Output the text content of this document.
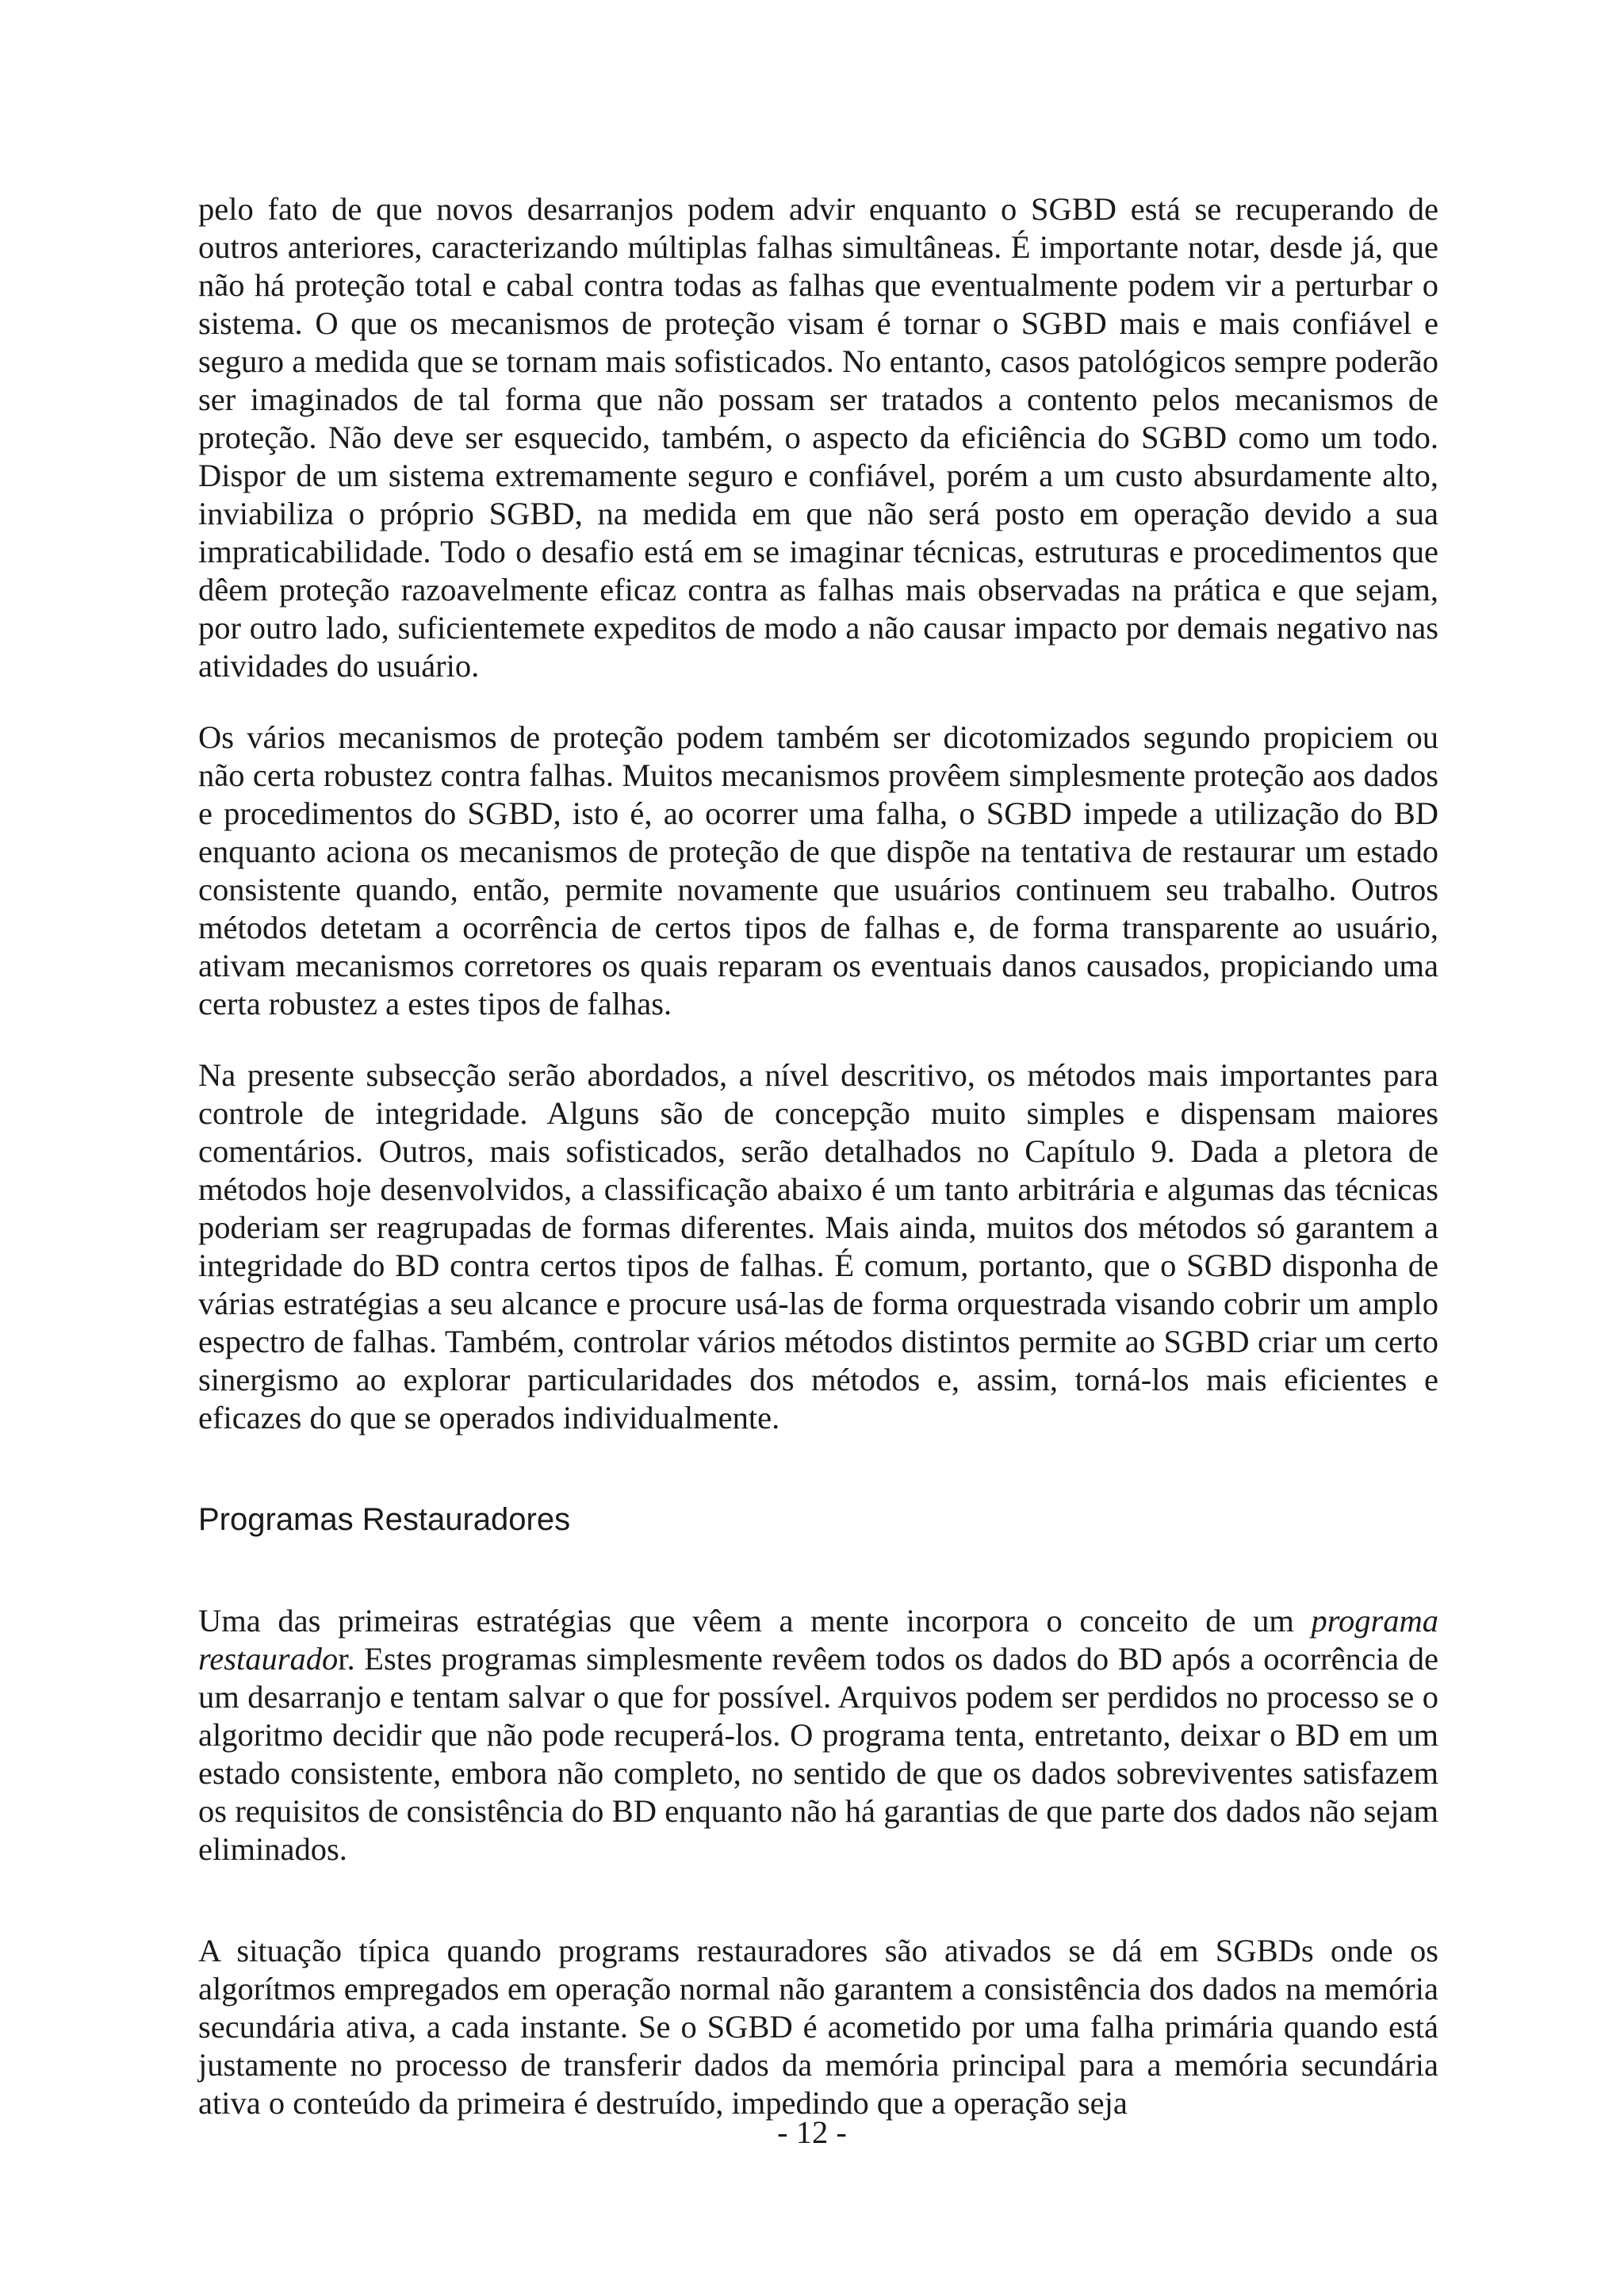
pelo fato de que novos desarranjos podem advir enquanto o SGBD está se recuperando de outros anteriores, caracterizando múltiplas falhas simultâneas. É importante notar, desde já, que não há proteção total e cabal contra todas as falhas que eventualmente podem vir a perturbar o sistema. O que os mecanismos de proteção visam é tornar o SGBD mais e mais confiável e seguro a medida que se tornam mais sofisticados. No entanto, casos patológicos sempre poderão ser imaginados de tal forma que não possam ser tratados a contento pelos mecanismos de proteção. Não deve ser esquecido, também, o aspecto da eficiência do SGBD como um todo. Dispor de um sistema extremamente seguro e confiável, porém a um custo absurdamente alto, inviabiliza o próprio SGBD, na medida em que não será posto em operação devido a sua impraticabilidade. Todo o desafio está em se imaginar técnicas, estruturas e procedimentos que dêem proteção razoavelmente eficaz contra as falhas mais observadas na prática e que sejam, por outro lado, suficientemete expeditos de modo a não causar impacto por demais negativo nas atividades do usuário.

Os vários mecanismos de proteção podem também ser dicotomizados segundo propiciem ou não certa robustez contra falhas. Muitos mecanismos provêem simplesmente proteção aos dados e procedimentos do SGBD, isto é, ao ocorrer uma falha, o SGBD impede a utilização do BD enquanto aciona os mecanismos de proteção de que dispõe na tentativa de restaurar um estado consistente quando, então, permite novamente que usuários continuem seu trabalho. Outros métodos detetam a ocorrência de certos tipos de falhas e, de forma transparente ao usuário, ativam mecanismos corretores os quais reparam os eventuais danos causados, propiciando uma certa robustez a estes tipos de falhas.

Na presente subsecção serão abordados, a nível descritivo, os métodos mais importantes para controle de integridade. Alguns são de concepção muito simples e dispensam maiores comentários. Outros, mais sofisticados, serão detalhados no Capítulo 9. Dada a pletora de métodos hoje desenvolvidos, a classificação abaixo é um tanto arbitrária e algumas das técnicas poderiam ser reagrupadas de formas diferentes. Mais ainda, muitos dos métodos só garantem a integridade do BD contra certos tipos de falhas. É comum, portanto, que o SGBD disponha de várias estratégias a seu alcance e procure usá-las de forma orquestrada visando cobrir um amplo espectro de falhas. Também, controlar vários métodos distintos permite ao SGBD criar um certo sinergismo ao explorar particularidades dos métodos e, assim, torná-los mais eficientes e eficazes do que se operados individualmente.

Programas Restauradores

Uma das primeiras estratégias que vêem a mente incorpora o conceito de um programa restaurador. Estes programas simplesmente revêem todos os dados do BD após a ocorrência de um desarranjo e tentam salvar o que for possível. Arquivos podem ser perdidos no processo se o algoritmo decidir que não pode recuperá-los. O programa tenta, entretanto, deixar o BD em um estado consistente, embora não completo, no sentido de que os dados sobreviventes satisfazem os requisitos de consistência do BD enquanto não há garantias de que parte dos dados não sejam eliminados.

A situação típica quando programs restauradores são ativados se dá em SGBDs onde os algorítmos empregados em operação normal não garantem a consistência dos dados na memória secundária ativa, a cada instante. Se o SGBD é acometido por uma falha primária quando está justamente no processo de transferir dados da memória principal para a memória secundária ativa o conteúdo da primeira é destruído, impedindo que a operação seja

- 12 -
